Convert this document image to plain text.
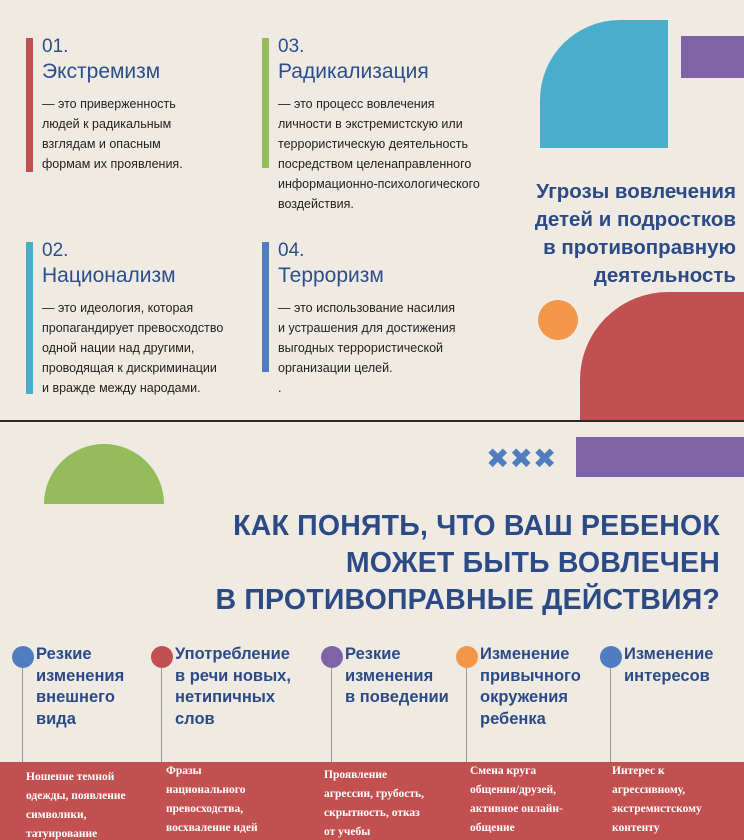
01.
Экстремизм
— это приверженность
людей к радикальным
взглядам и опасным
формам их проявления.
02.
Национализм
— это идеология, которая
пропагандирует превосходство
одной нации над другими,
проводящая к дискриминации
и вражде между народами.
03.
Радикализация
— это процесс вовлечения
личности в экстремистскую или
террористическую деятельность
посредством целенаправленного
информационно-психологического
воздействия.
04.
Терроризм
— это использование насилия
и устрашения для достижения
выгодных террористической
организации целей.
.
Угрозы вовлечения
детей и подростков
в противоправную
деятельность
✖✖✖
КАК ПОНЯТЬ, ЧТО ВАШ РЕБЕНОК
МОЖЕТ БЫТЬ ВОВЛЕЧЕН
В ПРОТИВОПРАВНЫЕ ДЕЙСТВИЯ?
Резкие
изменения
внешнего
вида
Употребление
в речи новых,
нетипичных
слов
Резкие
изменения
в поведении
Изменение
привычного
окружения
ребенка
Изменение
интересов
Ношение темной
одежды, появление
символики,
татуирование
Фразы
национального
превосходства,
восхваление идей
Проявление
агрессии, грубость,
скрытность, отказ
от учебы
Смена круга
общения/друзей,
активное онлайн-
общение
Интерес к
агрессивному,
экстремистскому
контенту
